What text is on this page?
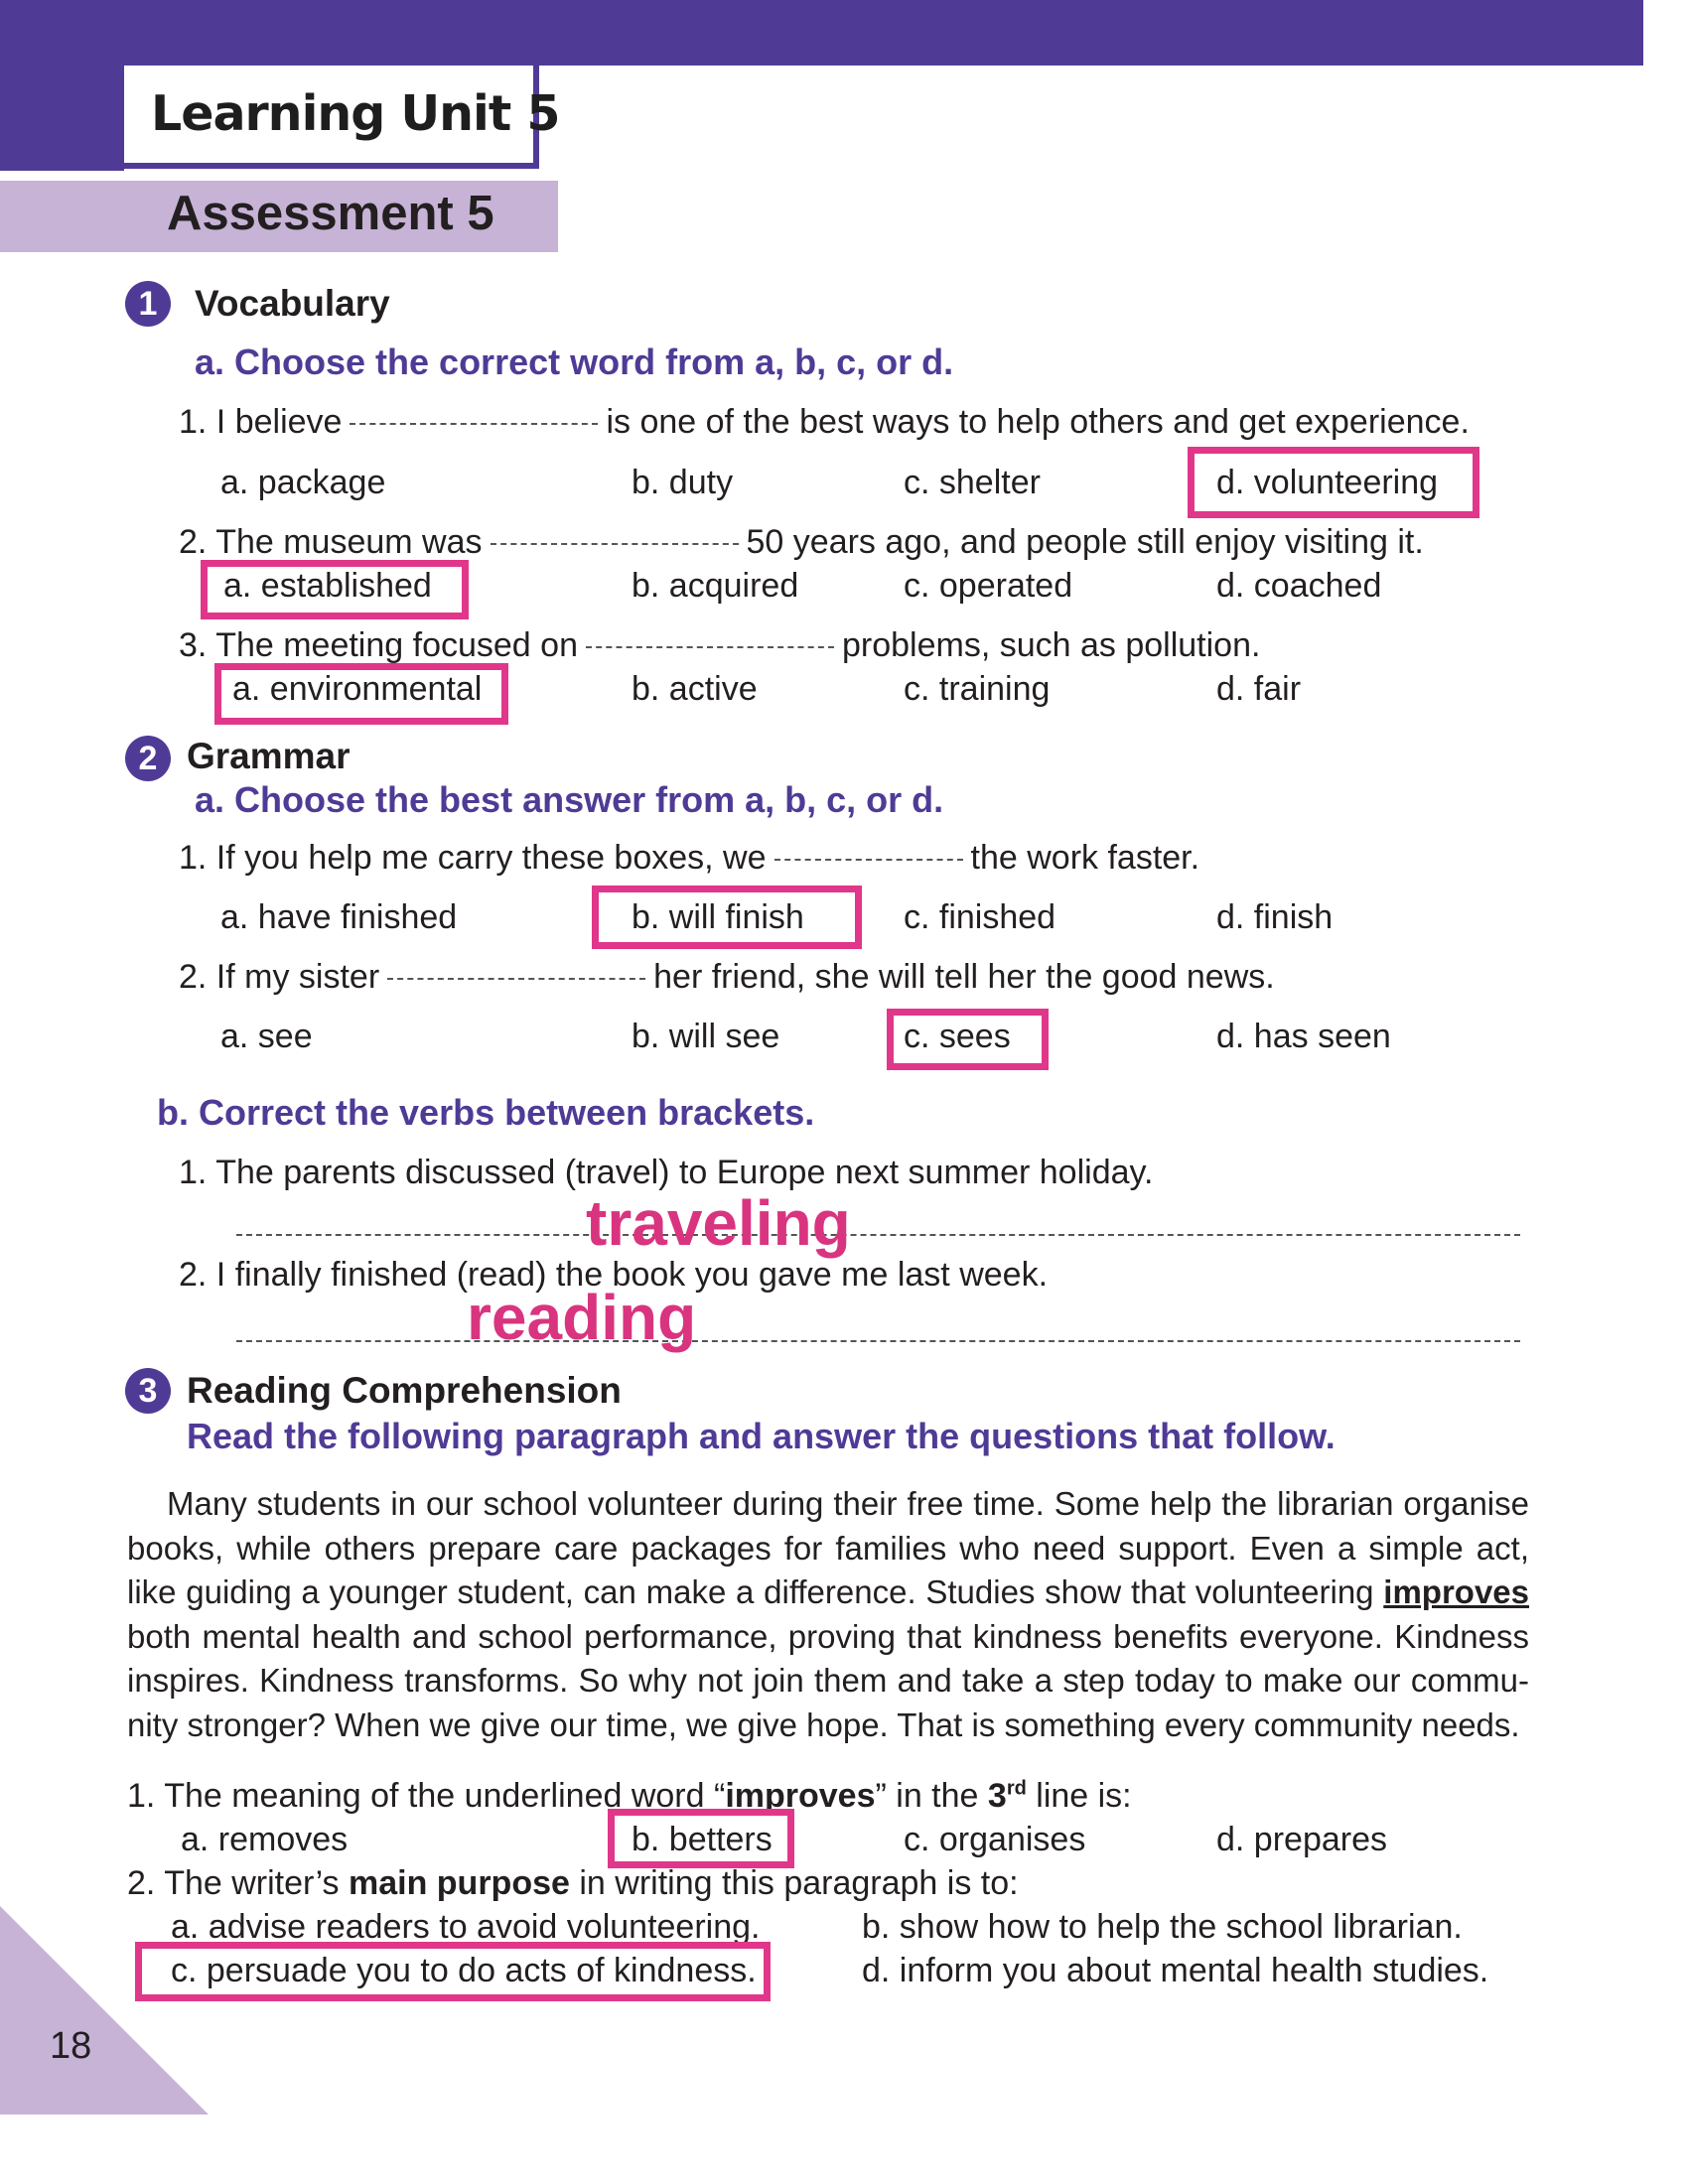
Learning Unit 5
Assessment 5
1	Vocabulary
a. Choose the correct word from a, b, c, or d.
1. I believe	is one of the best ways to help others and get experience.
a. package	b. duty	c. shelter	d. volunteering
2. The museum was	50 years ago, and people still enjoy visiting it.
a. established	b. acquired	c. operated	d. coached
3. The meeting focused on	problems, such as pollution.
a. environmental	b. active	c. training	d. fair
2 Grammar
a. Choose the best answer from a, b, c, or d.
1. If you help me carry these boxes, we	the work faster.
a. have finished	b. will finish	c. finished	d. finish
2. If my sister	her friend, she will tell her the good news.
a. see	b. will see	c. sees	d. has seen
b. Correct the verbs between brackets.
1. The parents discussed (travel) to Europe next summer holiday.
traveling
2. I finally finished (read) the book you gave me last week.
reading
3 Reading Comprehension
Read the following paragraph and answer the questions that follow.
Many students in our school volunteer during their free time. Some help the librarian organise
books, while others prepare care packages for families who need support. Even a simple act,
like guiding a younger student, can make a difference. Studies show that volunteering improves
both mental health and school performance, proving that kindness benefits everyone. Kindness
inspires. Kindness transforms. So why not join them and take a step today to make our commu-
nity stronger? When we give our time, we give hope. That is something every community needs.
1. The meaning of the underlined word “improves” in the 3rd line is:
a. removes	b. betters	c. organises	d. prepares
2. The writer’s main purpose in writing this paragraph is to:
a. advise readers to avoid volunteering.	b. show how to help the school librarian.
c. persuade you to do acts of kindness.	d. inform you about mental health studies.
18
